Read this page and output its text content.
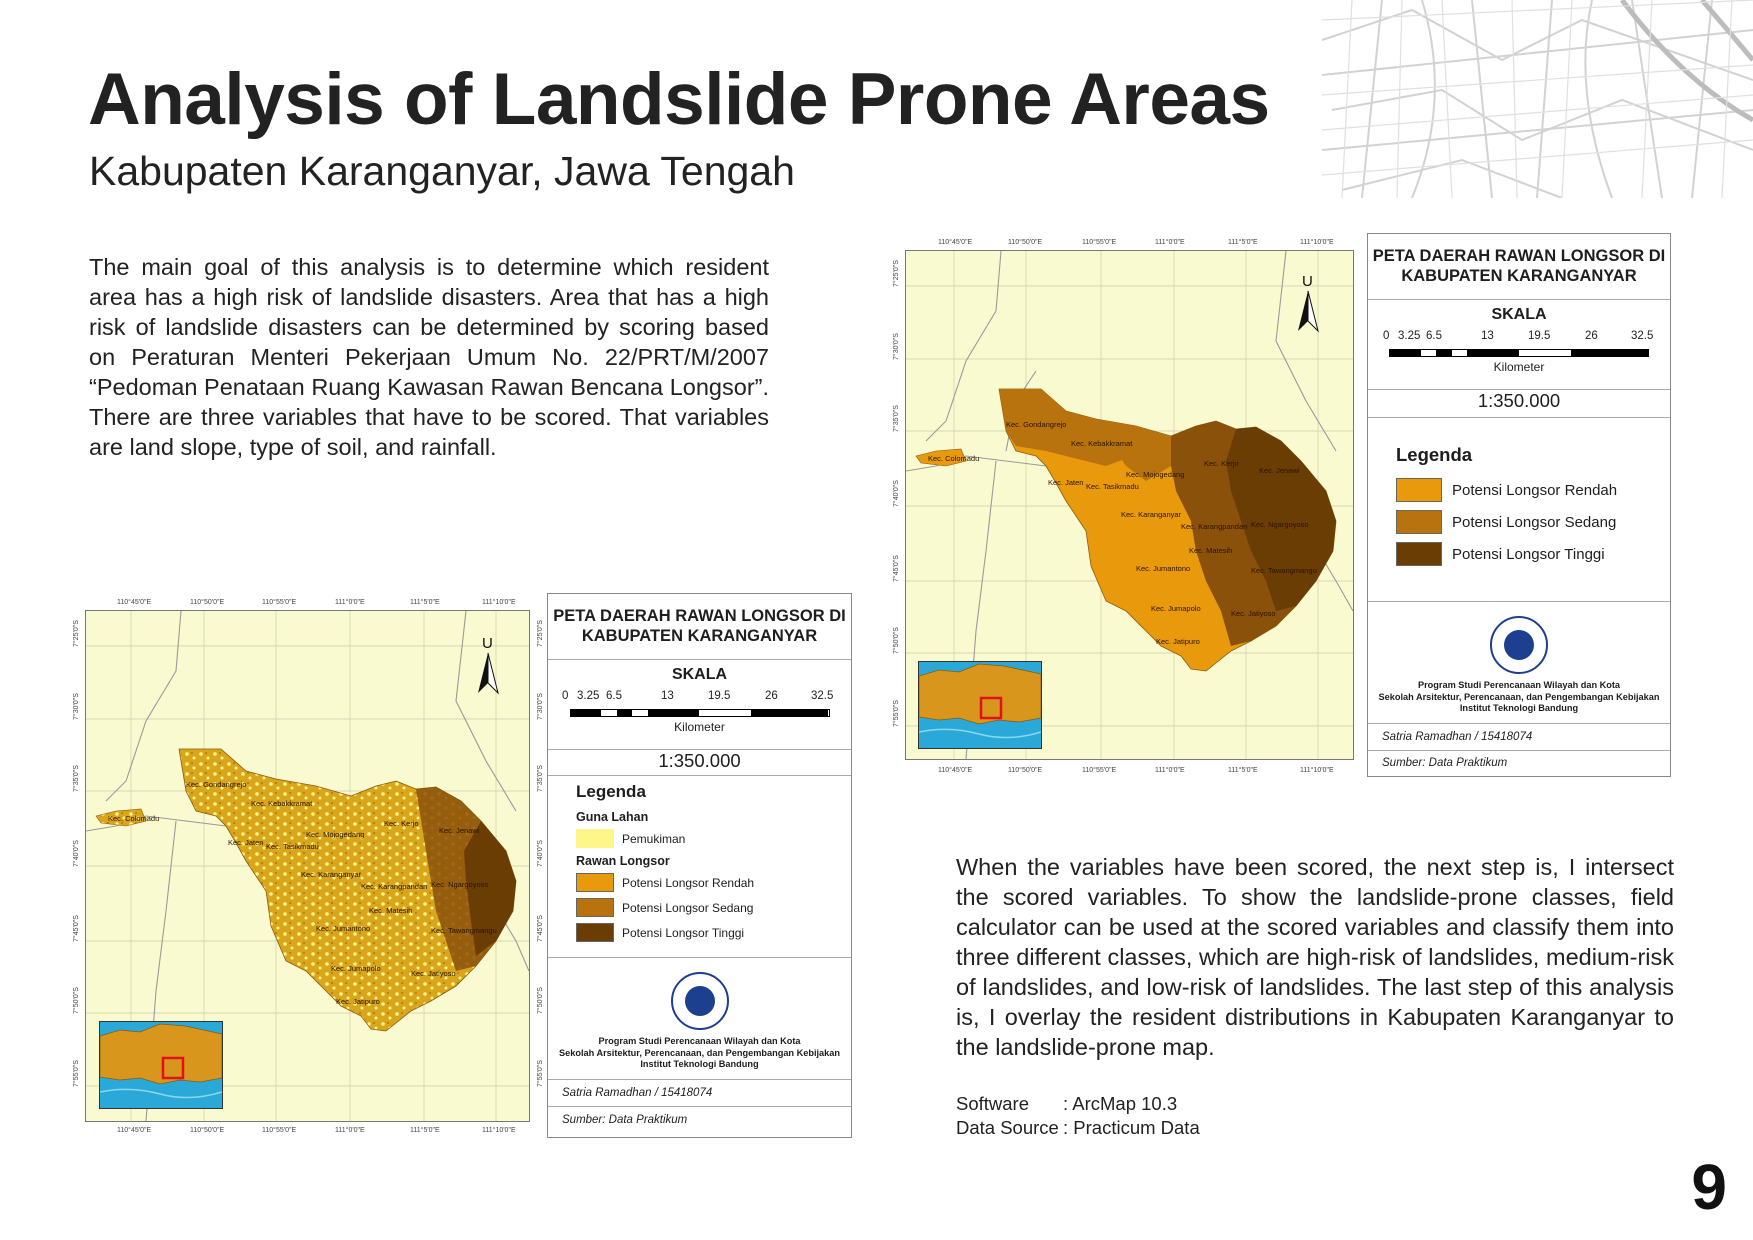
Analysis of Landslide Prone Areas
Kabupaten Karanganyar, Jawa Tengah
The main goal of this analysis is to determine which resident area has a high risk of landslide disasters. Area that has a high risk of landslide disasters can be determined by scoring based on Peraturan Menteri Pekerjaan Umum No. 22/PRT/M/2007 “Pedoman Penataan Ruang Kawasan Rawan Bencana Longsor”. There are three variables that have to be scored. That variables are land slope, type of soil, and rainfall.
110°45'0"E	110°50'0"E	110°55'0"E	111°0'0"E	111°5'0"E	111°10'0"E
110°45'0"E	110°50'0"E	110°55'0"E	111°0'0"E	111°5'0"E	111°10'0"E
7°25'0"S
7°30'0"S
7°35'0"S
7°40'0"S
7°45'0"S
7°50'0"S
7°55'0"S
Kec. Gondangrejo
Kec. Kebakkramat
Kec. Colomadu
Kec. Kerjo
Kec. Mojogedang
Kec. Jaten Kec. Tasikmadu
Kec. Jenawi
Kec. Karanganyar
Kec. Karangpandan Kec. Ngargoyoso
Kec. Matesih
Kec. Tawangmangu
Kec. Jumantono
Kec. Jumapolo
Kec. Jatiyoso
Kec. Jatipuro
U
PETA DAERAH RAWAN LONGSOR DI KABUPATEN KARANGANYAR
SKALA
0 3.25 6.5	13	19.5	26	32.5
Kilometer
1:350.000
Legenda
Potensi Longsor Rendah
Potensi Longsor Sedang
Potensi Longsor Tinggi
Program Studi Perencanaan Wilayah dan Kota
Sekolah Arsitektur, Perencanaan, dan Pengembangan Kebijakan
Institut Teknologi Bandung
Satria Ramadhan / 15418074
Sumber: Data Praktikum
110°45'0"E	110°50'0"E	110°55'0"E	111°0'0"E	111°5'0"E	111°10'0"E
110°45'0"E	110°50'0"E	110°55'0"E	111°0'0"E	111°5'0"E	111°10'0"E
7°25'0"S
7°30'0"S
7°35'0"S
7°40'0"S
7°45'0"S
7°50'0"S
7°55'0"S
7°25'0"S
7°30'0"S
7°35'0"S
7°40'0"S
7°45'0"S
7°50'0"S
7°55'0"S
Kec. Gondangrejo
Kec. Kebakkramat
Kec. Colomadu
Kec. Kerjo
Kec. Mojogedang
Kec. Jaten Kec. Tasikmadu
Kec. Jenawi
Kec. Karanganyar
Kec. Karangpandan Kec. Ngargoyoso
Kec. Matesih
Kec. Tawangmangu
Kec. Jumantono
Kec. Jumapolo
Kec. Jatiyoso
Kec. Jatipuro
U
PETA DAERAH RAWAN LONGSOR DI KABUPATEN KARANGANYAR
SKALA
0 3.25 6.5	13	19.5	26	32.5
Kilometer
1:350.000
Legenda
Guna Lahan
Pemukiman
Rawan Longsor
Potensi Longsor Rendah
Potensi Longsor Sedang
Potensi Longsor Tinggi
Program Studi Perencanaan Wilayah dan Kota
Sekolah Arsitektur, Perencanaan, dan Pengembangan Kebijakan
Institut Teknologi Bandung
Satria Ramadhan / 15418074
Sumber: Data Praktikum
When the variables have been scored, the next step is, I intersect the scored variables. To show the landslide-prone classes, field calculator can be used at the scored variables and classify them into three different classes, which are high-risk of landslides, medium-risk of landslides, and low-risk of landslides. The last step of this analysis is, I overlay the resident distributions in Kabupaten Karanganyar to the landslide-prone map.
Software : ArcMap 10.3
Data Source : Practicum Data
9
